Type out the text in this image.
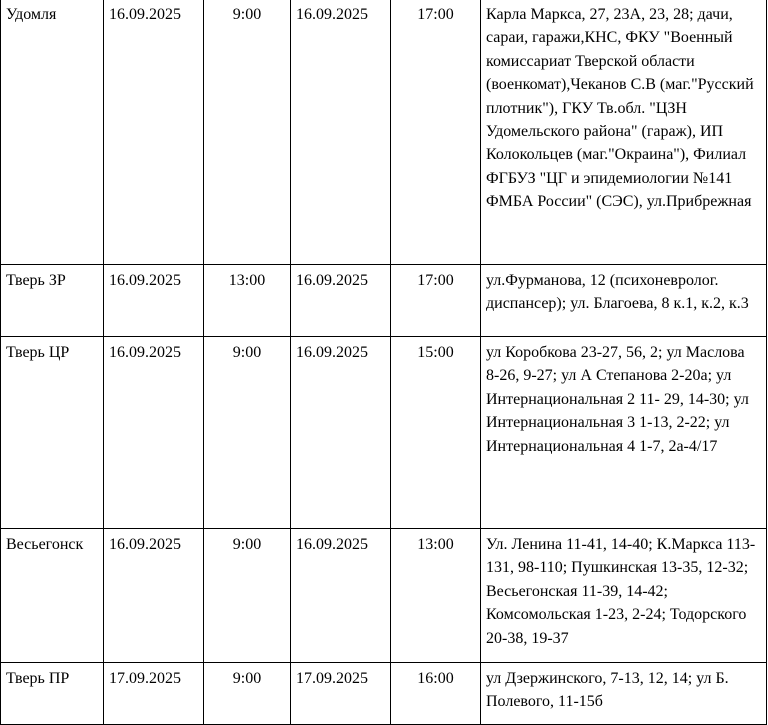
Удомля	16.09.2025	9:00	16.09.2025	17:00	Карла Маркса, 27, 23А, 23, 28; дачи, сараи, гаражи,КНС, ФКУ "Военный комиссариат Тверской области (военкомат),Чеканов С.В (маг."Русский плотник"), ГКУ Тв.обл. "ЦЗН Удомельского района" (гараж), ИП Колокольцев (маг."Окраина"), Филиал ФГБУЗ "ЦГ и эпидемиологии №141 ФМБА России" (СЭС), ул.Прибрежная
Тверь ЗР	16.09.2025	13:00	16.09.2025	17:00	ул.Фурманова, 12 (психоневролог. диспансер); ул. Благоева, 8 к.1, к.2, к.3
Тверь ЦР	16.09.2025	9:00	16.09.2025	15:00	ул Коробкова 23-27, 56, 2; ул Маслова 8-26, 9-27; ул А Степанова 2-20а; ул Интернациональная 2 11- 29, 14-30; ул Интернациональная 3 1-13, 2-22; ул Интернациональная 4 1-7, 2а-4/17
Весьегонск	16.09.2025	9:00	16.09.2025	13:00	Ул. Ленина 11-41, 14-40; К.Маркса 113-131, 98-110; Пушкинская 13-35, 12-32; Весьегонская 11-39, 14-42; Комсомольская 1-23, 2-24; Тодорского 20-38, 19-37
Тверь ПР	17.09.2025	9:00	17.09.2025	16:00	ул Дзержинского, 7-13, 12, 14; ул Б. Полевого, 11-15б
